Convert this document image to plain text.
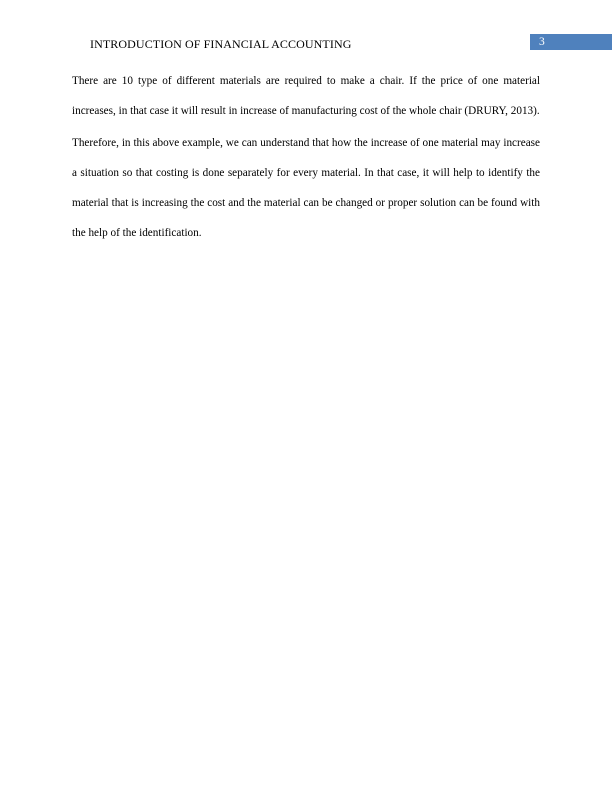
INTRODUCTION OF FINANCIAL ACCOUNTING	3

There are 10 type of different materials are required to make a chair. If the price of one material increases, in that case it will result in increase of manufacturing cost of the whole chair (DRURY, 2013).

Therefore, in this above example, we can understand that how the increase of one material may increase a situation so that costing is done separately for every material. In that case, it will help to identify the material that is increasing the cost and the material can be changed or proper solution can be found with the help of the identification.
